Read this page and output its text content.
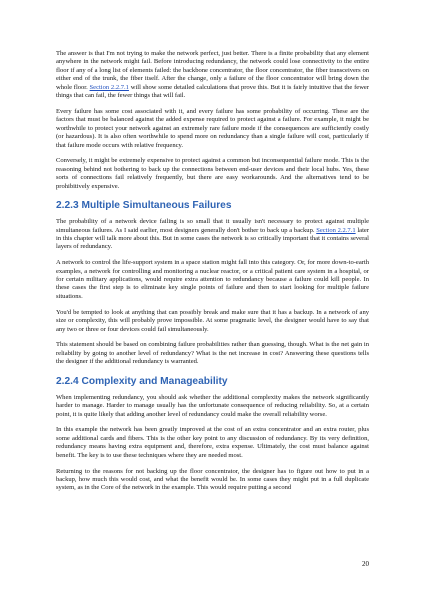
The answer is that I'm not trying to make the network perfect, just better. There is a finite probability that any element anywhere in the network might fail. Before introducing redundancy, the network could lose connectivity to the entire floor if any of a long list of elements failed: the backbone concentrator, the floor concentrator, the fiber transceivers on either end of the trunk, the fiber itself. After the change, only a failure of the floor concentrator will bring down the whole floor. Section 2.2.7.1 will show some detailed calculations that prove this. But it is fairly intuitive that the fewer things that can fail, the fewer things that will fail.

Every failure has some cost associated with it, and every failure has some probability of occurring. These are the factors that must be balanced against the added expense required to protect against a failure. For example, it might be worthwhile to protect your network against an extremely rare failure mode if the consequences are sufficiently costly (or hazardous). It is also often worthwhile to spend more on redundancy than a single failure will cost, particularly if that failure mode occurs with relative frequency.

Conversely, it might be extremely expensive to protect against a common but inconsequential failure mode. This is the reasoning behind not bothering to back up the connections between end-user devices and their local hubs. Yes, these sorts of connections fail relatively frequently, but there are easy workarounds. And the alternatives tend to be prohibitively expensive.

2.2.3 Multiple Simultaneous Failures

The probability of a network device failing is so small that it usually isn't necessary to protect against multiple simultaneous failures. As I said earlier, most designers generally don't bother to back up a backup. Section 2.2.7.1 later in this chapter will talk more about this. But in some cases the network is so critically important that it contains several layers of redundancy.

A network to control the life-support system in a space station might fall into this category. Or, for more down-to-earth examples, a network for controlling and monitoring a nuclear reactor, or a critical patient care system in a hospital, or for certain military applications, would require extra attention to redundancy because a failure could kill people. In these cases the first step is to eliminate key single points of failure and then to start looking for multiple failure situations.

You'd be tempted to look at anything that can possibly break and make sure that it has a backup. In a network of any size or complexity, this will probably prove impossible. At some pragmatic level, the designer would have to say that any two or three or four devices could fail simultaneously.

This statement should be based on combining failure probabilities rather than guessing, though. What is the net gain in reliability by going to another level of redundancy? What is the net increase in cost? Answering these questions tells the designer if the additional redundancy is warranted.

2.2.4 Complexity and Manageability

When implementing redundancy, you should ask whether the additional complexity makes the network significantly harder to manage. Harder to manage usually has the unfortunate consequence of reducing reliability. So, at a certain point, it is quite likely that adding another level of redundancy could make the overall reliability worse.

In this example the network has been greatly improved at the cost of an extra concentrator and an extra router, plus some additional cards and fibers. This is the other key point to any discussion of redundancy. By its very definition, redundancy means having extra equipment and, therefore, extra expense. Ultimately, the cost must balance against benefit. The key is to use these techniques where they are needed most.

Returning to the reasons for not backing up the floor concentrator, the designer has to figure out how to put in a backup, how much this would cost, and what the benefit would be. In some cases they might put in a full duplicate system, as in the Core of the network in the example. This would require putting a second

20
